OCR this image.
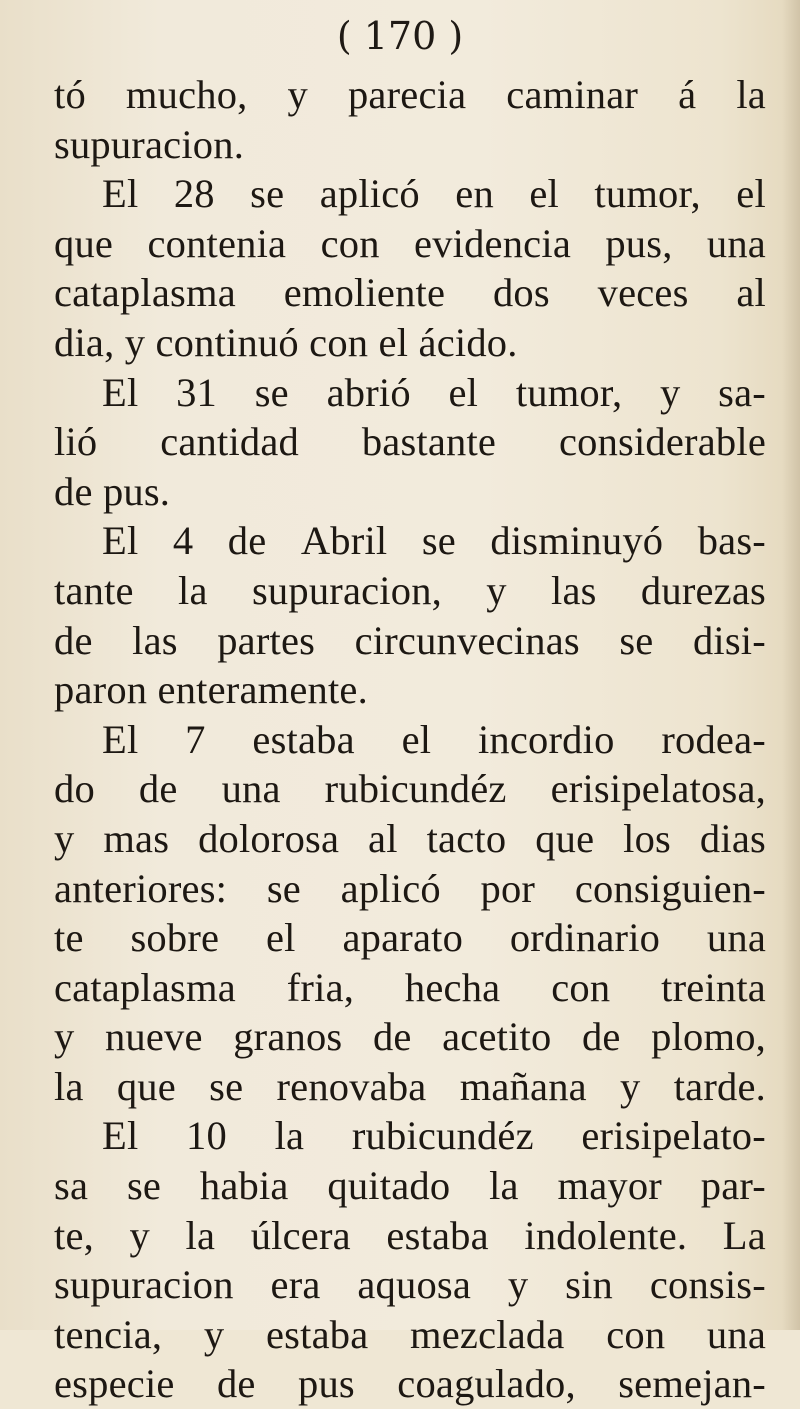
( 170 )
tó mucho, y parecia caminar á la
supuracion.
El 28 se aplicó en el tumor, el
que contenia con evidencia pus, una
cataplasma emoliente dos veces al
dia, y continuó con el ácido.
El 31 se abrió el tumor, y sa-
lió cantidad bastante considerable
de pus.
El 4 de Abril se disminuyó bas-
tante la supuracion, y las durezas
de las partes circunvecinas se disi-
paron enteramente.
El 7 estaba el incordio rodea-
do de una rubicundéz erisipelatosa,
y mas dolorosa al tacto que los dias
anteriores: se aplicó por consiguien-
te sobre el aparato ordinario una
cataplasma fria, hecha con treinta
y nueve granos de acetito de plomo,
la que se renovaba mañana y tarde.
El 10 la rubicundéz erisipelato-
sa se habia quitado la mayor par-
te, y la úlcera estaba indolente. La
supuracion era aquosa y sin consis-
tencia, y estaba mezclada con una
especie de pus coagulado, semejan-
